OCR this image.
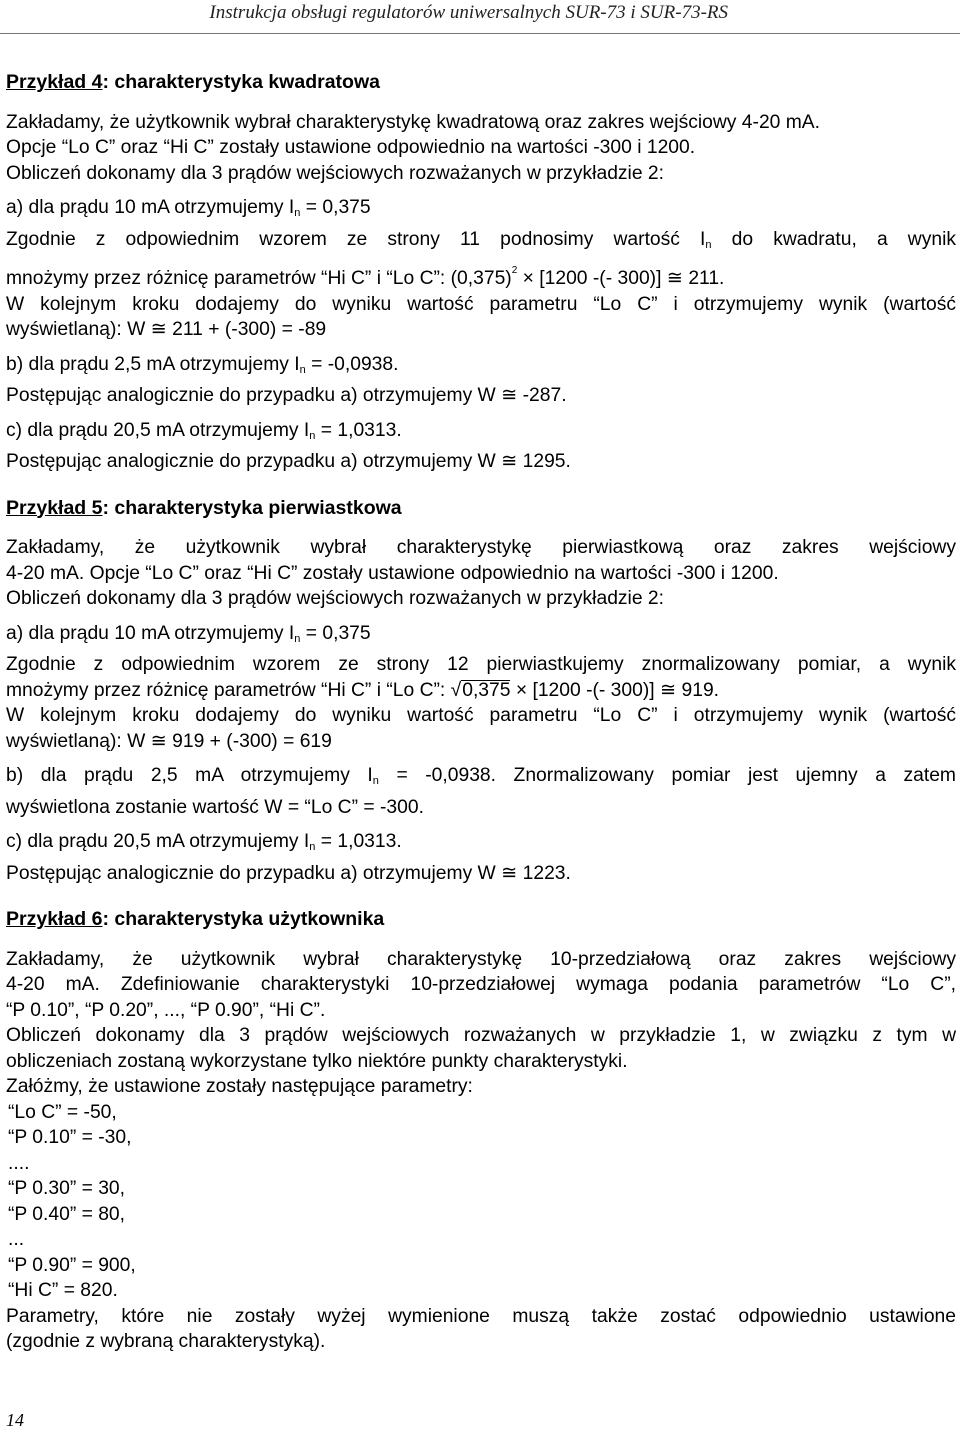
Instrukcja obsługi regulatorów uniwersalnych SUR-73 i SUR-73-RS
Przykład 4: charakterystyka kwadratowa

Zakładamy, że użytkownik wybrał charakterystykę kwadratową oraz zakres wejściowy 4-20 mA.

Opcje “Lo C” oraz “Hi C” zostały ustawione odpowiednio na wartości -300 i 1200.

Obliczeń dokonamy dla 3 prądów wejściowych rozważanych w przykładzie 2:

a) dla prądu 10 mA otrzymujemy $I_n = 0,375$

Zgodnie z odpowiednim wzorem ze strony 11 podnosimy wartość $I_n$ do kwadratu, a wynik

mnożymy przez różnicę parametrów “Hi C” i “Lo C”: $(0,375)^2 \times [1200$ -(- 300)] ≅ 211.

W kolejnym kroku dodajemy do wyniku wartość parametru “Lo C” i otrzymujemy wynik (wartość

wyświetlaną): W ≅ 211 + (-300) = -89

b) dla prądu 2,5 mA otrzymujemy $I_n = -0,0938$.

Postępując analogicznie do przypadku a) otrzymujemy W ≅ -287.

c) dla prądu 20,5 mA otrzymujemy $I_n = 1,0313$.

Postępując analogicznie do przypadku a) otrzymujemy W ≅ 1295.

Przykład 5: charakterystyka pierwiastkowa

Zakładamy, że użytkownik wybrał charakterystykę pierwiastkową oraz zakres wejściowy

4-20 mA. Opcje “Lo C” oraz “Hi C” zostały ustawione odpowiednio na wartości -300 i 1200.

Obliczeń dokonamy dla 3 prądów wejściowych rozważanych w przykładzie 2:

a) dla prądu 10 mA otrzymujemy $I_n = 0,375$

Zgodnie z odpowiednim wzorem ze strony 12 pierwiastkujemy znormalizowany pomiar, a wynik

mnożymy przez różnicę parametrów “Hi C” i “Lo C”: √0,375 × [1200 -(- 300)] ≅ 919.

W kolejnym kroku dodajemy do wyniku wartość parametru “Lo C” i otrzymujemy wynik (wartość

wyświetlaną): W ≅ 919 + (-300) = 619

b) dla prądu 2,5 mA otrzymujemy $I_n = -0,0938$. Znormalizowany pomiar jest ujemny a zatem

wyświetlona zostanie wartość W = “Lo C” = -300.

c) dla prądu 20,5 mA otrzymujemy $I_n = 1,0313$.

Postępując analogicznie do przypadku a) otrzymujemy W ≅ 1223.

Przykład 6: charakterystyka użytkownika

Zakładamy, że użytkownik wybrał charakterystykę 10-przedziałową oraz zakres wejściowy

4-20 mA. Zdefiniowanie charakterystyki 10-przedziałowej wymaga podania parametrów “Lo C”,

“P 0.10”, “P 0.20”, ..., “P 0.90”, “Hi C”.

Obliczeń dokonamy dla 3 prądów wejściowych rozważanych w przykładzie 1, w związku z tym w

obliczeniach zostaną wykorzystane tylko niektóre punkty charakterystyki.

Załóżmy, że ustawione zostały następujące parametry:

“Lo C” = -50,

“P 0.10” = -30,

....

“P 0.30” = 30,

“P 0.40” = 80,

...

“P 0.90” = 900,

“Hi C” = 820.

Parametry, które nie zostały wyżej wymienione muszą także zostać odpowiednio ustawione

(zgodnie z wybraną charakterystyką).

14
